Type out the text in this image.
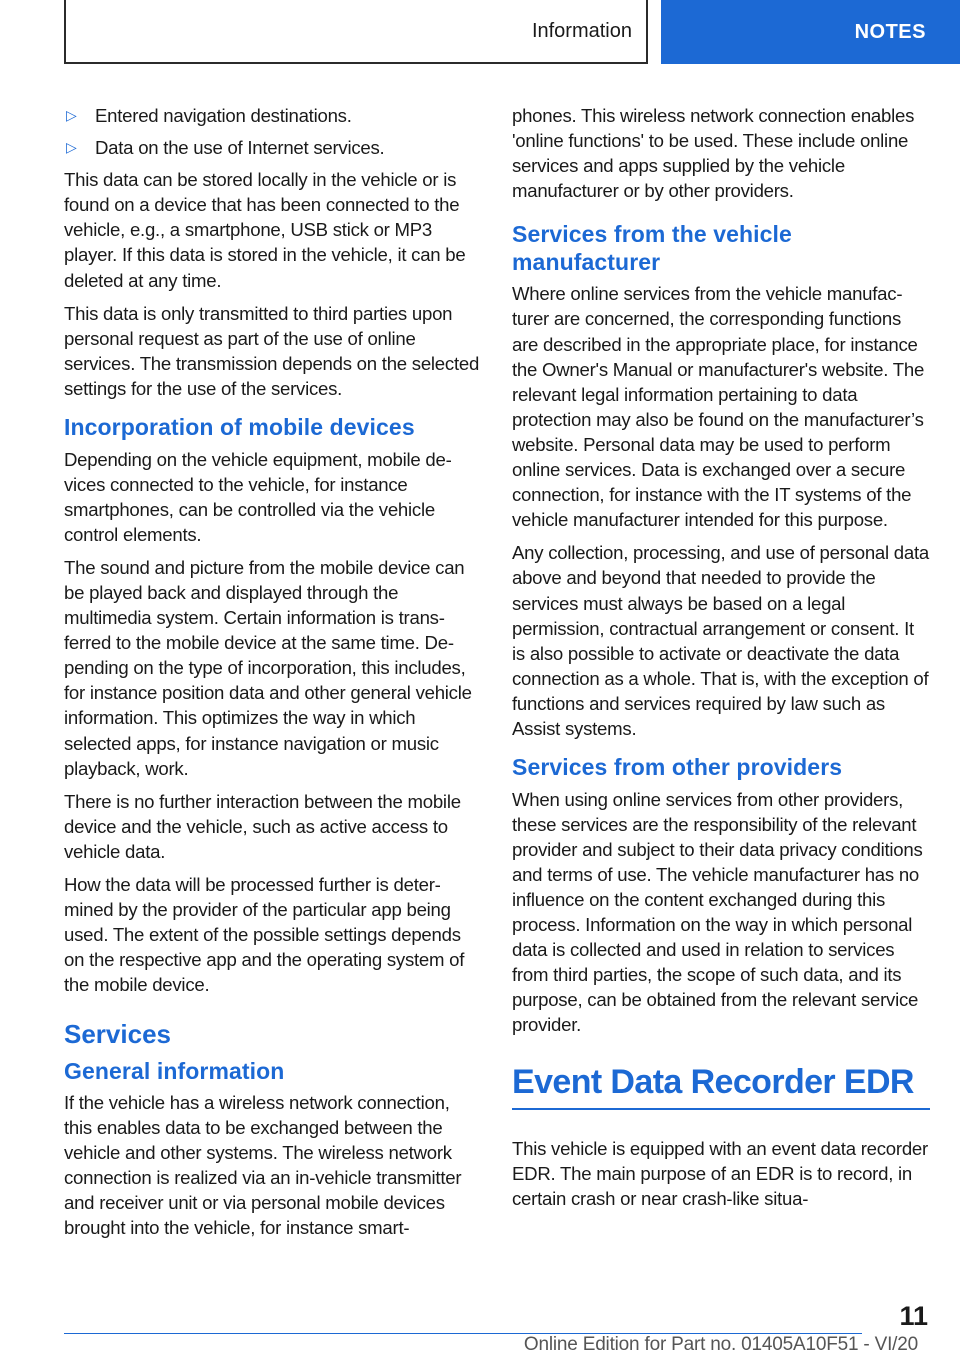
Information	NOTES
▷ Entered navigation destinations.
▷ Data on the use of Internet services.

This data can be stored locally in the vehicle or is found on a device that has been connected to the vehicle, e.g., a smartphone, USB stick or MP3 player. If this data is stored in the vehicle, it can be deleted at any time.

This data is only transmitted to third parties upon personal request as part of the use of online services. The transmission depends on the selected settings for the use of the services.

Incorporation of mobile devices

Depending on the vehicle equipment, mobile devices connected to the vehicle, for instance smartphones, can be controlled via the vehicle control elements.

The sound and picture from the mobile device can be played back and displayed through the multimedia system. Certain information is transferred to the mobile device at the same time. Depending on the type of incorporation, this includes, for instance position data and other general vehicle information. This optimizes the way in which selected apps, for instance navigation or music playback, work.

There is no further interaction between the mobile device and the vehicle, such as active access to vehicle data.

How the data will be processed further is determined by the provider of the particular app being used. The extent of the possible settings depends on the respective app and the operating system of the mobile device.

Services
General information

If the vehicle has a wireless network connection, this enables data to be exchanged between the vehicle and other systems. The wireless network connection is realized via an in-vehicle transmitter and receiver unit or via personal mobile devices brought into the vehicle, for instance smart-

phones. This wireless network connection enables 'online functions' to be used. These include online services and apps supplied by the vehicle manufacturer or by other providers.

Services from the vehicle manufacturer

Where online services from the vehicle manufacturer are concerned, the corresponding functions are described in the appropriate place, for instance the Owner's Manual or manufacturer's website. The relevant legal information pertaining to data protection may also be found on the manufacturer’s website. Personal data may be used to perform online services. Data is exchanged over a secure connection, for instance with the IT systems of the vehicle manufacturer intended for this purpose.

Any collection, processing, and use of personal data above and beyond that needed to provide the services must always be based on a legal permission, contractual arrangement or consent. It is also possible to activate or deactivate the data connection as a whole. That is, with the exception of functions and services required by law such as Assist systems.

Services from other providers

When using online services from other providers, these services are the responsibility of the relevant provider and subject to their data privacy conditions and terms of use. The vehicle manufacturer has no influence on the content exchanged during this process. Information on the way in which personal data is collected and used in relation to services from third parties, the scope of such data, and its purpose, can be obtained from the relevant service provider.

Event Data Recorder EDR

This vehicle is equipped with an event data recorder EDR. The main purpose of an EDR is to record, in certain crash or near crash-like situa-

11
Online Edition for Part no. 01405A10F51 - VI/20
